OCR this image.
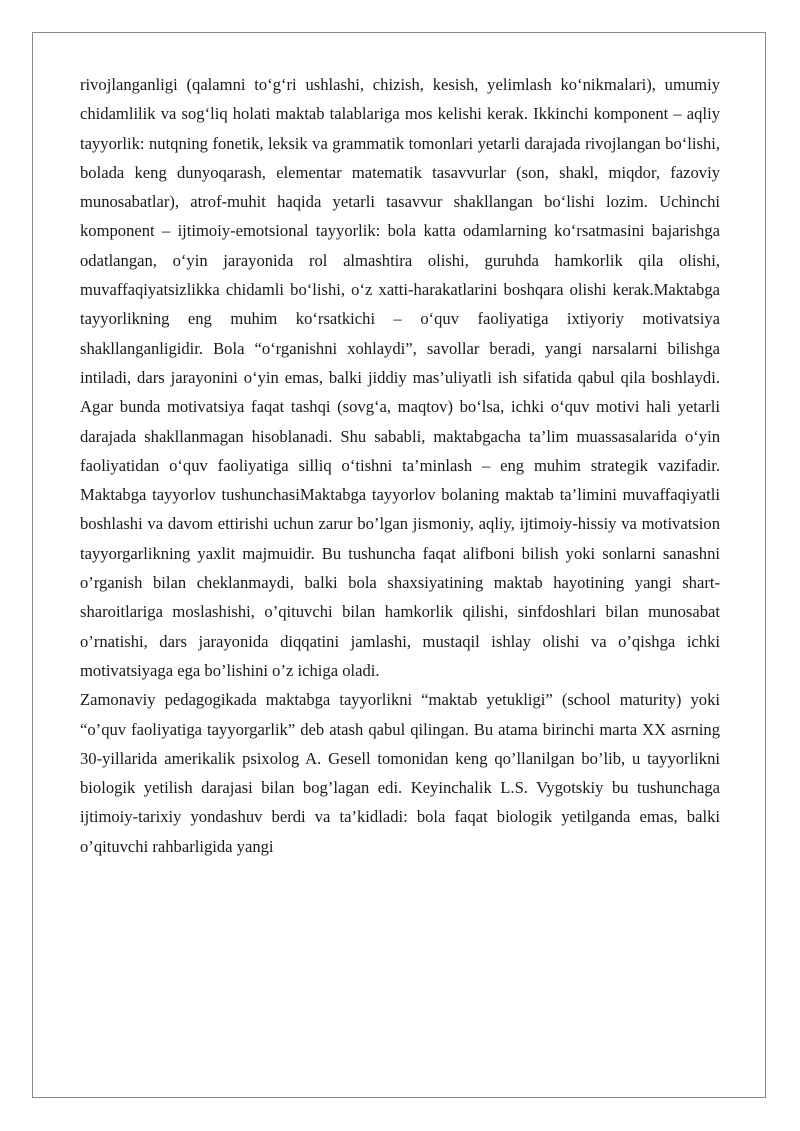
rivojlanganligi (qalamni to‘g‘ri ushlashi, chizish, kesish, yelimlash ko‘nikmalari), umumiy chidamlilik va sog‘liq holati maktab talablariga mos kelishi kerak. Ikkinchi komponent – aqliy tayyorlik: nutqning fonetik, leksik va grammatik tomonlari yetarli darajada rivojlangan bo‘lishi, bolada keng dunyoqarash, elementar matematik tasavvurlar (son, shakl, miqdor, fazoviy munosabatlar), atrof-muhit haqida yetarli tasavvur shakllangan bo‘lishi lozim. Uchinchi komponent – ijtimoiy-emotsional tayyorlik: bola katta odamlarning ko‘rsatmasini bajarishga odatlangan, o‘yin jarayonida rol almashtira olishi, guruhda hamkorlik qila olishi, muvaffaqiyatsizlikka chidamli bo‘lishi, o‘z xatti-harakatlarini boshqara olishi kerak.Maktabga tayyorlikning eng muhim ko‘rsatkichi – o‘quv faoliyatiga ixtiyoriy motivatsiya shakllanganligidir. Bola “o‘rganishni xohlaydi”, savollar beradi, yangi narsalarni bilishga intiladi, dars jarayonini o‘yin emas, balki jiddiy mas’uliyatli ish sifatida qabul qila boshlaydi. Agar bunda motivatsiya faqat tashqi (sovg‘a, maqtov) bo‘lsa, ichki o‘quv motivi hali yetarli darajada shakllanmagan hisoblanadi. Shu sababli, maktabgacha ta’lim muassasalarida o‘yin faoliyatidan o‘quv faoliyatiga silliq o‘tishni ta’minlash – eng muhim strategik vazifadir. Maktabga tayyorlov tushunchasiMaktabga tayyorlov bolaning maktab ta’limini muvaffaqiyatli boshlashi va davom ettirishi uchun zarur bo’lgan jismoniy, aqliy, ijtimoiy-hissiy va motivatsion tayyorgarlikning yaxlit majmuidir. Bu tushuncha faqat alifboni bilish yoki sonlarni sanashni o’rganish bilan cheklanmaydi, balki bola shaxsiyatining maktab hayotining yangi shart-sharoitlariga moslashishi, o’qituvchi bilan hamkorlik qilishi, sinfdoshlari bilan munosabat o’rnatishi, dars jarayonida diqqatini jamlashi, mustaqil ishlay olishi va o’qishga ichki motivatsiyaga ega bo’lishini o’z ichiga oladi.

Zamonaviy pedagogikada maktabga tayyorlikni “maktab yetukligi” (school maturity) yoki “o’quv faoliyatiga tayyorgarlik” deb atash qabul qilingan. Bu atama birinchi marta XX asrning 30-yillarida amerikalik psixolog A. Gesell tomonidan keng qo’llanilgan bo’lib, u tayyorlikni biologik yetilish darajasi bilan bog’lagan edi. Keyinchalik L.S. Vygotskiy bu tushunchaga ijtimoiy-tarixiy yondashuv berdi va ta’kidladi: bola faqat biologik yetilganda emas, balki o’qituvchi rahbarligida yangi
